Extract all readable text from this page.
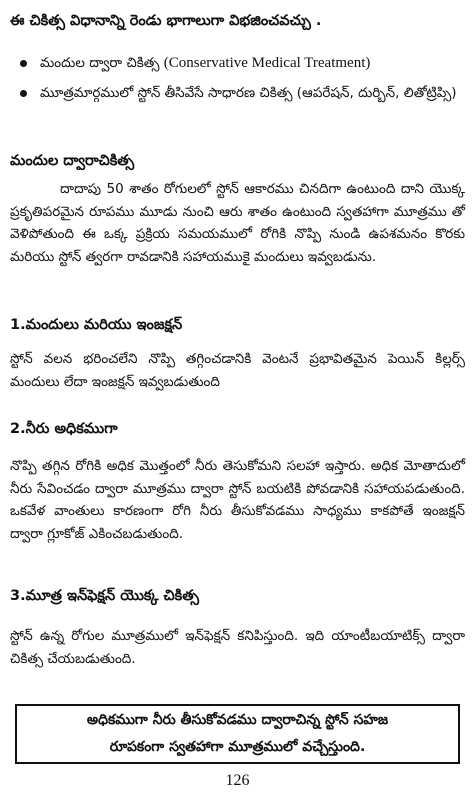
ఈ చికిత్స విధానాన్ని రెండు భాగాలుగా విభజించవచ్చు .
మందుల ద్వారా చికిత్స (Conservative Medical Treatment)
మూత్రమార్గములో స్టోన్ తీసివేసే సాధారణ చికిత్స (ఆపరేషన్, దుర్బిన్, లితోట్రిప్సి)
మందుల ద్వారాచికిత్స

దాదాపు 50 శాతం రోగులలో స్టోన్ ఆకారము చినదిగా ఉంటుంది దాని యొక్క ప్రకృతిపరమైన రూపము మూడు నుంచి ఆరు శాతం ఉంటుంది స్వతహాగా మూత్రము తో వెళిపోతుంది ఈ ఒక్క ప్రక్రియ సమయములో రోగికి నొప్పి నుండి ఉపశమనం కొరకు మరియు స్టోన్ త్వరగా రావడానికి సహాయముకై మందులు ఇవ్వబడును.

1.మందులు మరియు ఇంజక్షన్

స్టోన్ వలన భరించలేని నొప్పి తగ్గించడానికి వెంటనే ప్రభావితమైన పెయిన్ కిల్లర్స్ మందులు లేదా ఇంజక్షన్ ఇవ్వబడుతుంది

2.నీరు అధికముగా

నొప్పి తగ్గిన రోగికి అధిక మొత్తంలో నీరు తెసుకోమని సలహా ఇస్తారు. అధిక మోతాదులో నీరు సేవించడం ద్వారా మూత్రము ద్వారా స్టోన్ బయటికి పోవడానికి సహాయపడుతుంది. ఒకవేళ వాంతులు కారణంగా రోగి నీరు తీసుకోవడము సాధ్యము కాకపోతే ఇంజక్షన్ ద్వారా గ్లూకోజ్ ఎకించబడుతుంది.

3.మూత్ర ఇన్‌ఫెక్షన్ యొక్క చికిత్స

స్టోన్ ఉన్న రోగుల మూత్రములో ఇన్‌ఫెక్షన్ కనిపిస్తుంది. ఇది యాంటీబయాటిక్స్ ద్వారా చికిత్స చేయబడుతుంది.

అధికముగా నీరు తీసుకోవడము ద్వారాచిన్న స్టోన్ సహజ
రూపకంగా స్వతహాగా మూత్రములో వచ్చేస్తుంది.
126
